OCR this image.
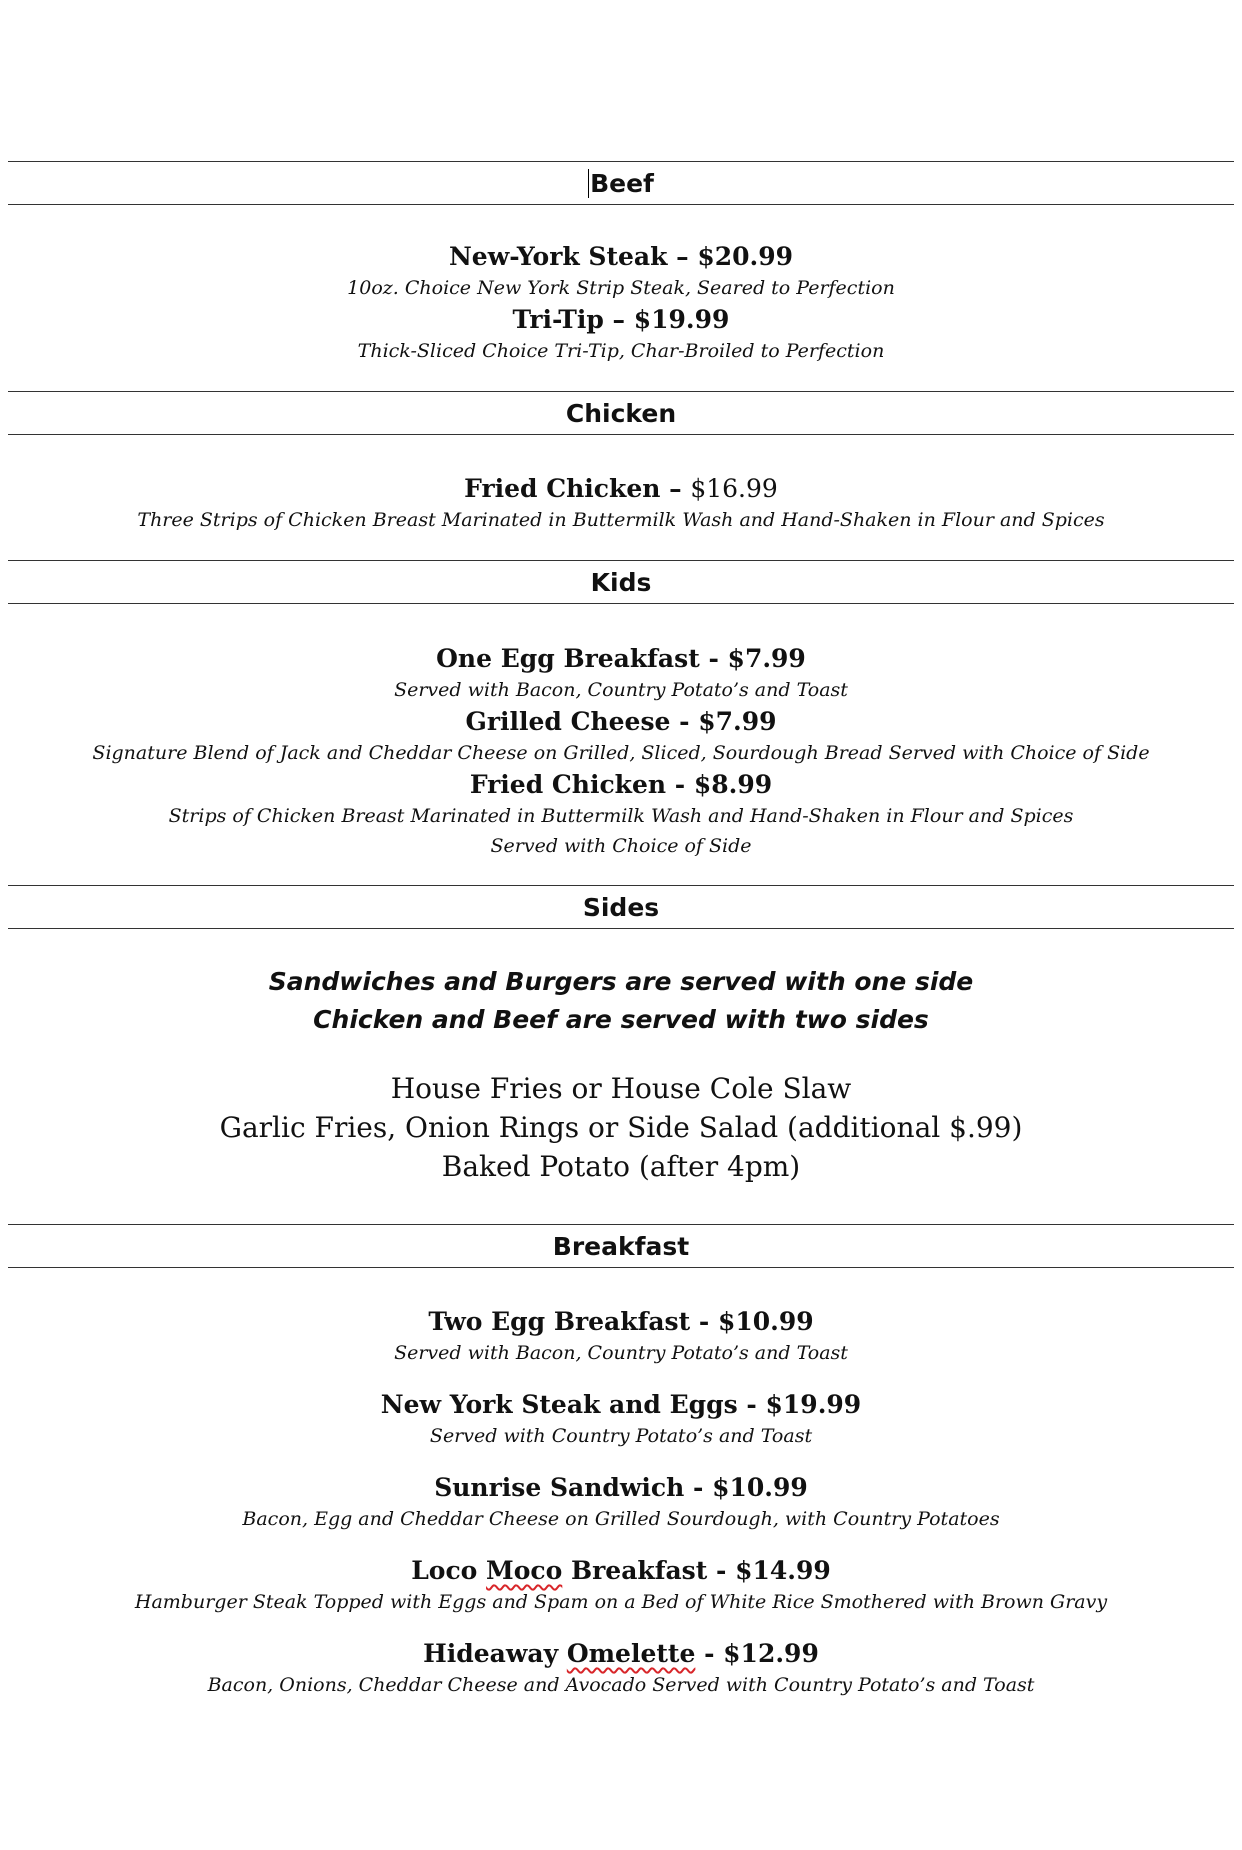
Beef
New-York Steak – $20.99
10oz. Choice New York Strip Steak, Seared to Perfection
Tri-Tip – $19.99
Thick-Sliced Choice Tri-Tip, Char-Broiled to Perfection
Chicken
Fried Chicken – $16.99
Three Strips of Chicken Breast Marinated in Buttermilk Wash and Hand-Shaken in Flour and Spices
Kids
One Egg Breakfast - $7.99
Served with Bacon, Country Potato’s and Toast
Grilled Cheese - $7.99
Signature Blend of Jack and Cheddar Cheese on Grilled, Sliced, Sourdough Bread Served with Choice of Side
Fried Chicken - $8.99
Strips of Chicken Breast Marinated in Buttermilk Wash and Hand-Shaken in Flour and Spices
Served with Choice of Side
Sides
Sandwiches and Burgers are served with one side
Chicken and Beef are served with two sides
House Fries or House Cole Slaw
Garlic Fries, Onion Rings or Side Salad (additional $.99)
Baked Potato (after 4pm)
Breakfast
Two Egg Breakfast - $10.99
Served with Bacon, Country Potato’s and Toast
New York Steak and Eggs - $19.99
Served with Country Potato’s and Toast
Sunrise Sandwich - $10.99
Bacon, Egg and Cheddar Cheese on Grilled Sourdough, with Country Potatoes
Loco Moco Breakfast - $14.99
Hamburger Steak Topped with Eggs and Spam on a Bed of White Rice Smothered with Brown Gravy
Hideaway Omelette - $12.99
Bacon, Onions, Cheddar Cheese and Avocado Served with Country Potato’s and Toast
